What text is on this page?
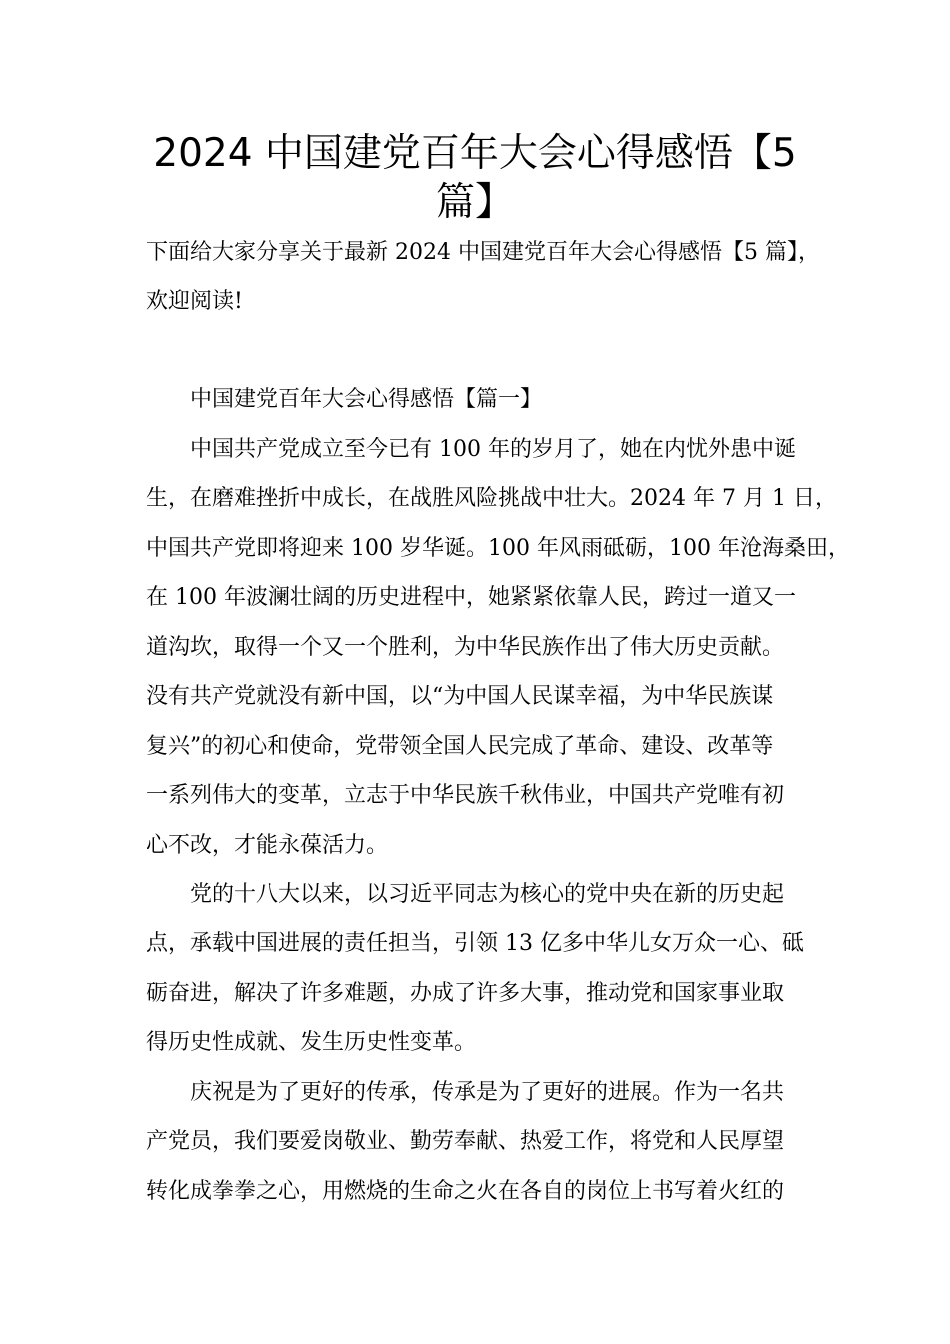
2024 中国建党百年大会心得感悟【5
篇】

下面给大家分享关于最新 2024 中国建党百年大会心得感悟【5 篇】，

欢迎阅读!

中国建党百年大会心得感悟【篇一】

中国共产党成立至今已有 100 年的岁月了，她在内忧外患中诞

生，在磨难挫折中成长，在战胜风险挑战中壮大。2024 年 7 月 1 日，

中国共产党即将迎来 100 岁华诞。100 年风雨砥砺，100 年沧海桑田，

在 100 年波澜壮阔的历史进程中，她紧紧依靠人民，跨过一道又一

道沟坎，取得一个又一个胜利，为中华民族作出了伟大历史贡献。

没有共产党就没有新中国，以“为中国人民谋幸福，为中华民族谋

复兴”的初心和使命，党带领全国人民完成了革命、建设、改革等

一系列伟大的变革，立志于中华民族千秋伟业，中国共产党唯有初

心不改，才能永葆活力。

党的十八大以来，以习近平同志为核心的党中央在新的历史起

点，承载中国进展的责任担当，引领 13 亿多中华儿女万众一心、砥

砺奋进，解决了许多难题，办成了许多大事，推动党和国家事业取

得历史性成就、发生历史性变革。

庆祝是为了更好的传承，传承是为了更好的进展。作为一名共

产党员，我们要爱岗敬业、勤劳奉献、热爱工作，将党和人民厚望

转化成拳拳之心，用燃烧的生命之火在各自的岗位上书写着火红的
